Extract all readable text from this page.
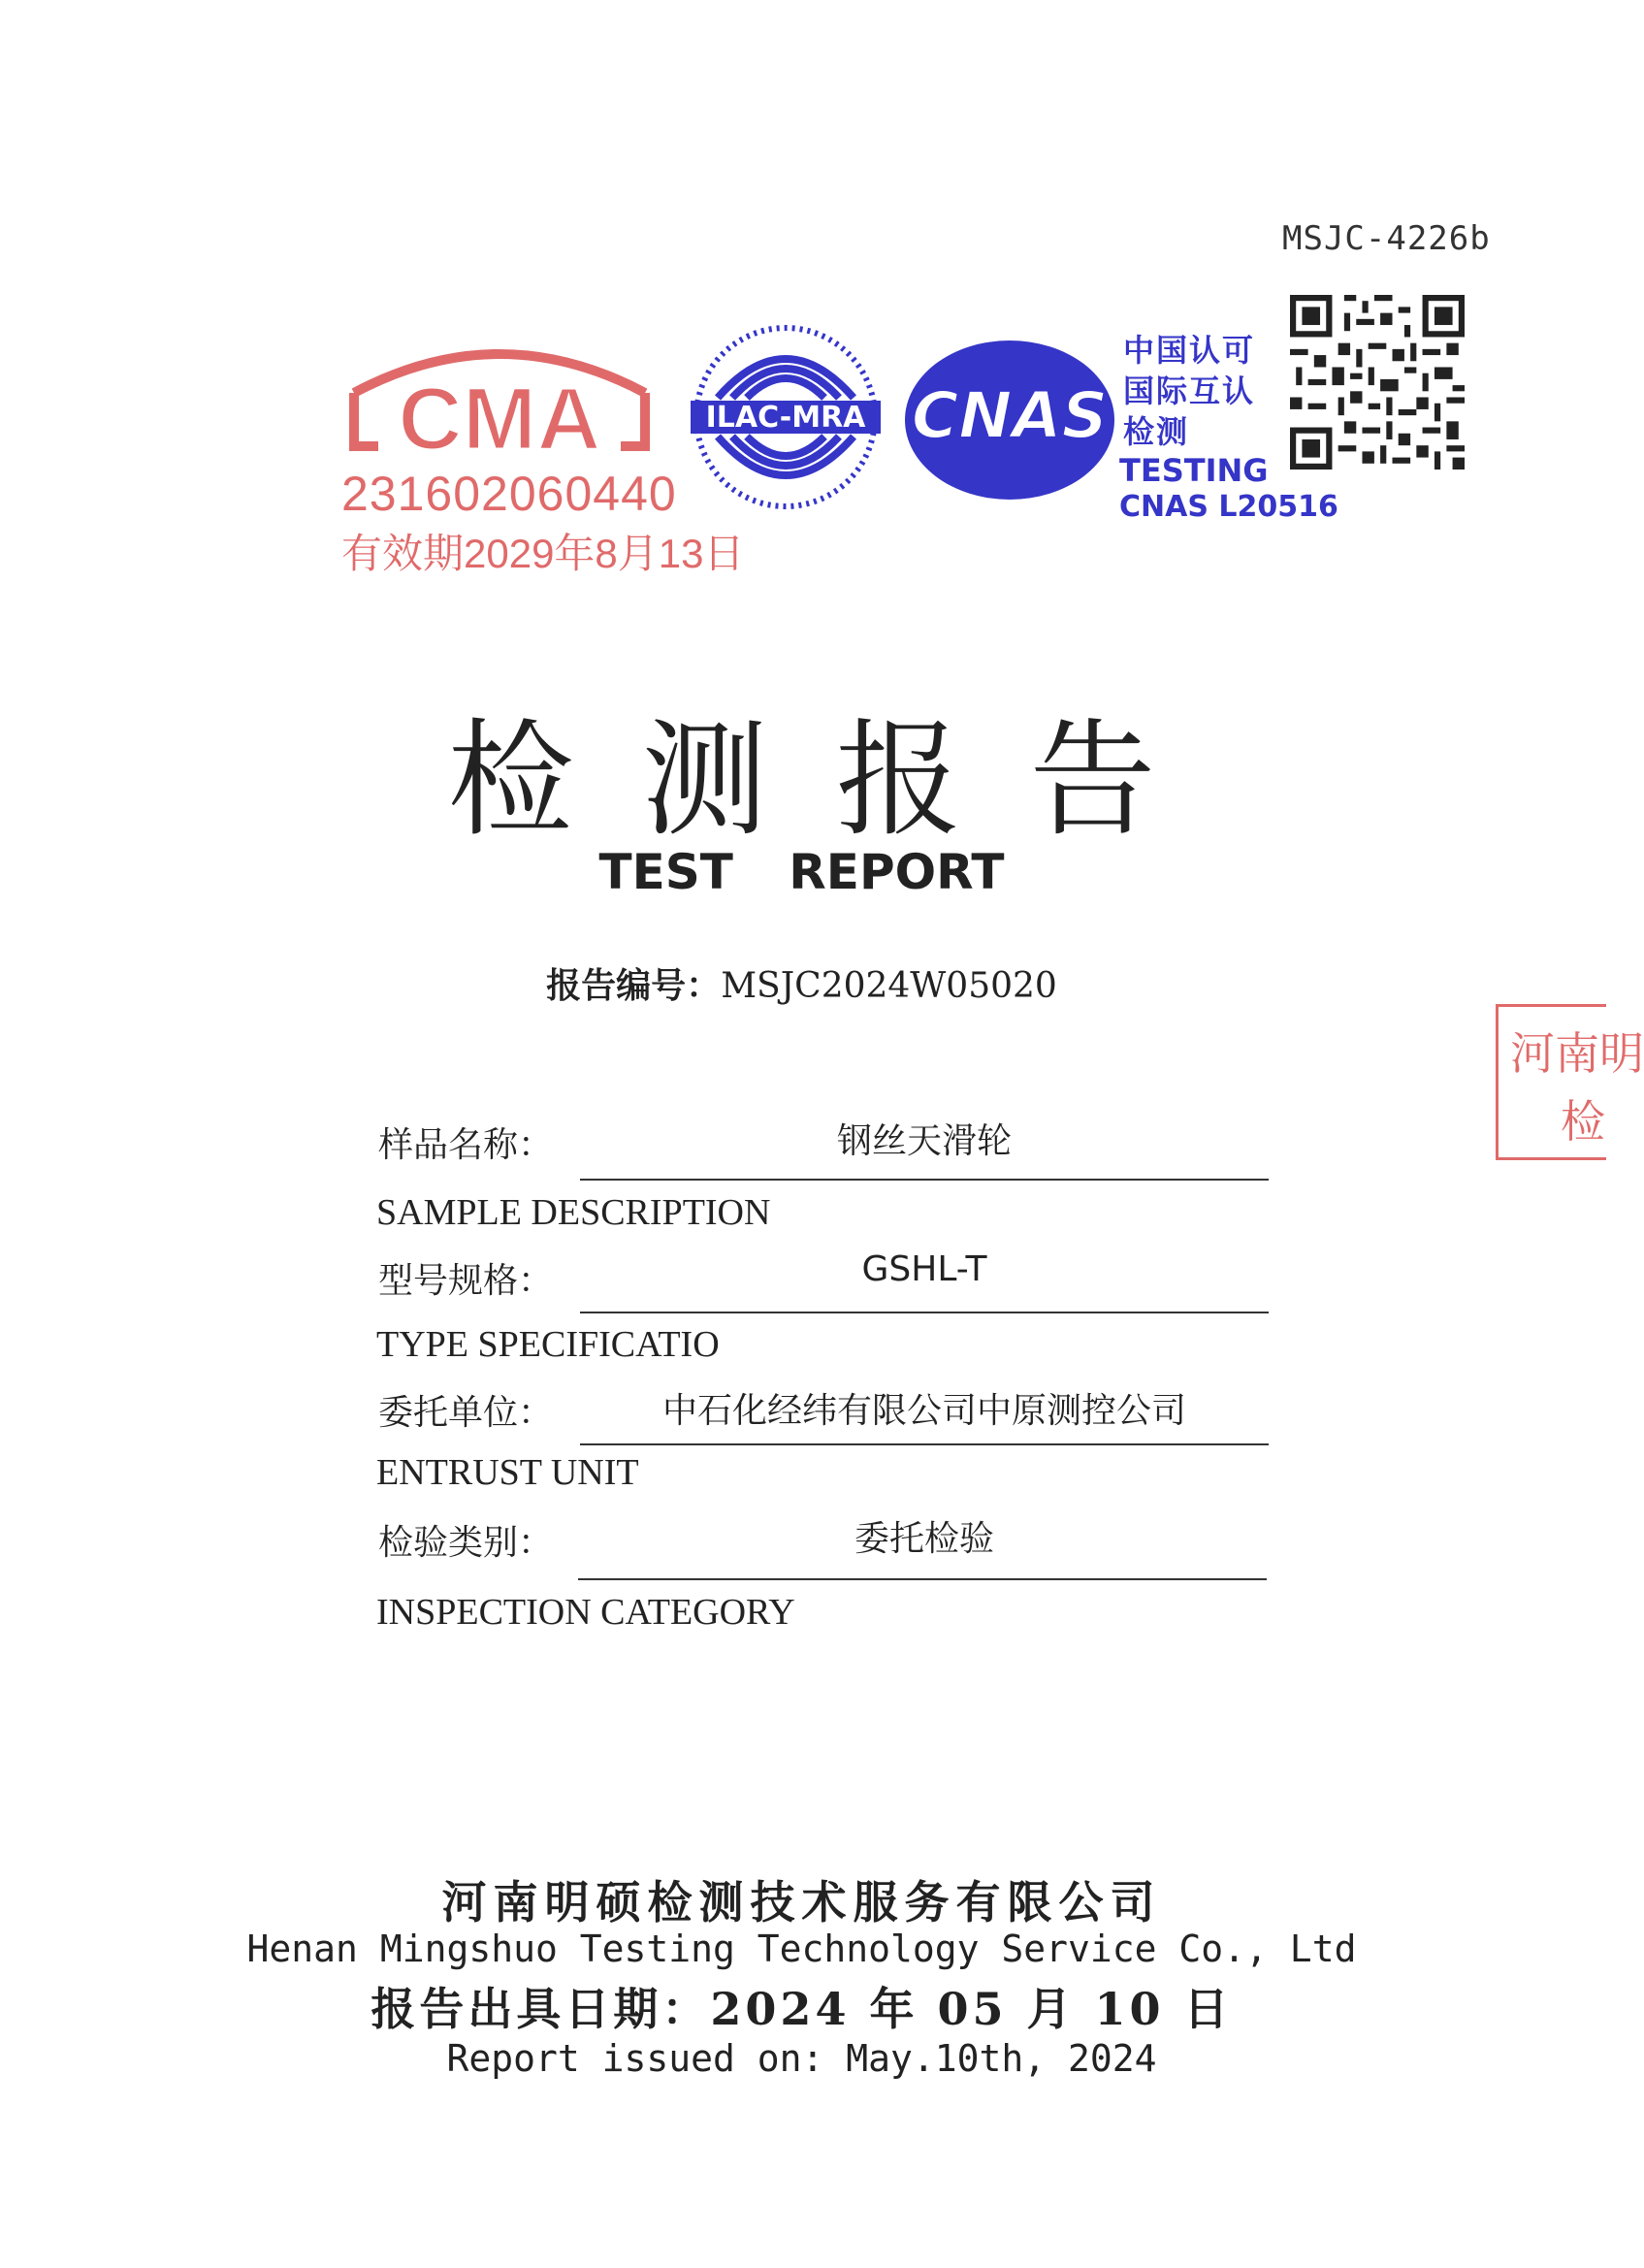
MSJC-4226b
CMA
231602060440
有效期2029年8月13日
ILAC-MRA CNAS
中国认可
国际互认
检测
TESTING
CNAS L20516
检测报告
TEST REPORT
报告编号：MSJC2024W05020
样品名称：	钢丝天滑轮
SAMPLE DESCRIPTION
型号规格：	GSHL-T
TYPE SPECIFICATIO
委托单位：	中石化经纬有限公司中原测控公司
ENTRUST UNIT
检验类别：	委托检验
INSPECTION CATEGORY
河南明
检
河南明硕检测技术服务有限公司
Henan Mingshuo Testing Technology Service Co., Ltd
报告出具日期：2024 年 05 月 10 日
Report issued on: May.10th, 2024
